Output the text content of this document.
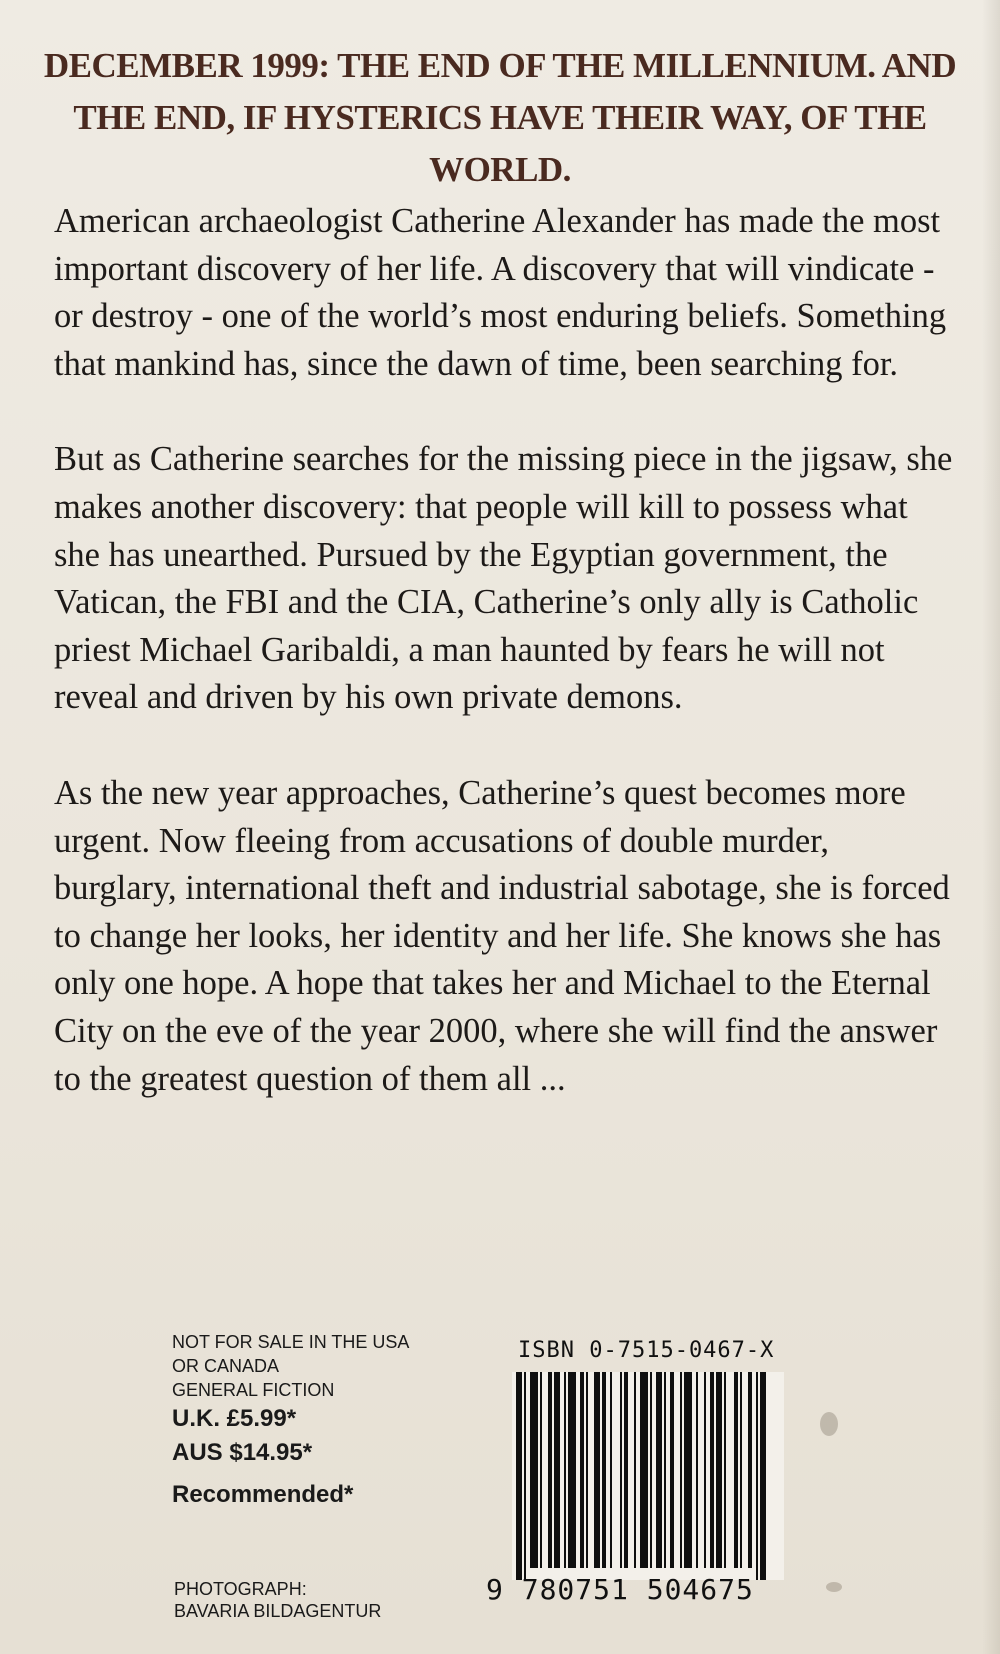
DECEMBER 1999: THE END OF THE MILLENNIUM. AND THE END, IF HYSTERICS HAVE THEIR WAY, OF THE WORLD.

American archaeologist Catherine Alexander has made the most important discovery of her life. A discovery that will vindicate - or destroy - one of the world’s most enduring beliefs. Something that mankind has, since the dawn of time, been searching for.

But as Catherine searches for the missing piece in the jigsaw, she makes another discovery: that people will kill to possess what she has unearthed. Pursued by the Egyptian government, the Vatican, the FBI and the CIA, Catherine’s only ally is Catholic priest Michael Garibaldi, a man haunted by fears he will not reveal and driven by his own private demons.

As the new year approaches, Catherine’s quest becomes more urgent. Now fleeing from accusations of double murder, burglary, international theft and industrial sabotage, she is forced to change her looks, her identity and her life. She knows she has only one hope. A hope that takes her and Michael to the Eternal City on the eve of the year 2000, where she will find the answer to the greatest question of them all ...

NOT FOR SALE IN THE USA
OR CANADA
GENERAL FICTION
U.K. £5.99*
AUS $14.95*
Recommended*
PHOTOGRAPH:
BAVARIA BILDAGENTUR
ISBN 0-7515-0467-X
9 780751 504675
